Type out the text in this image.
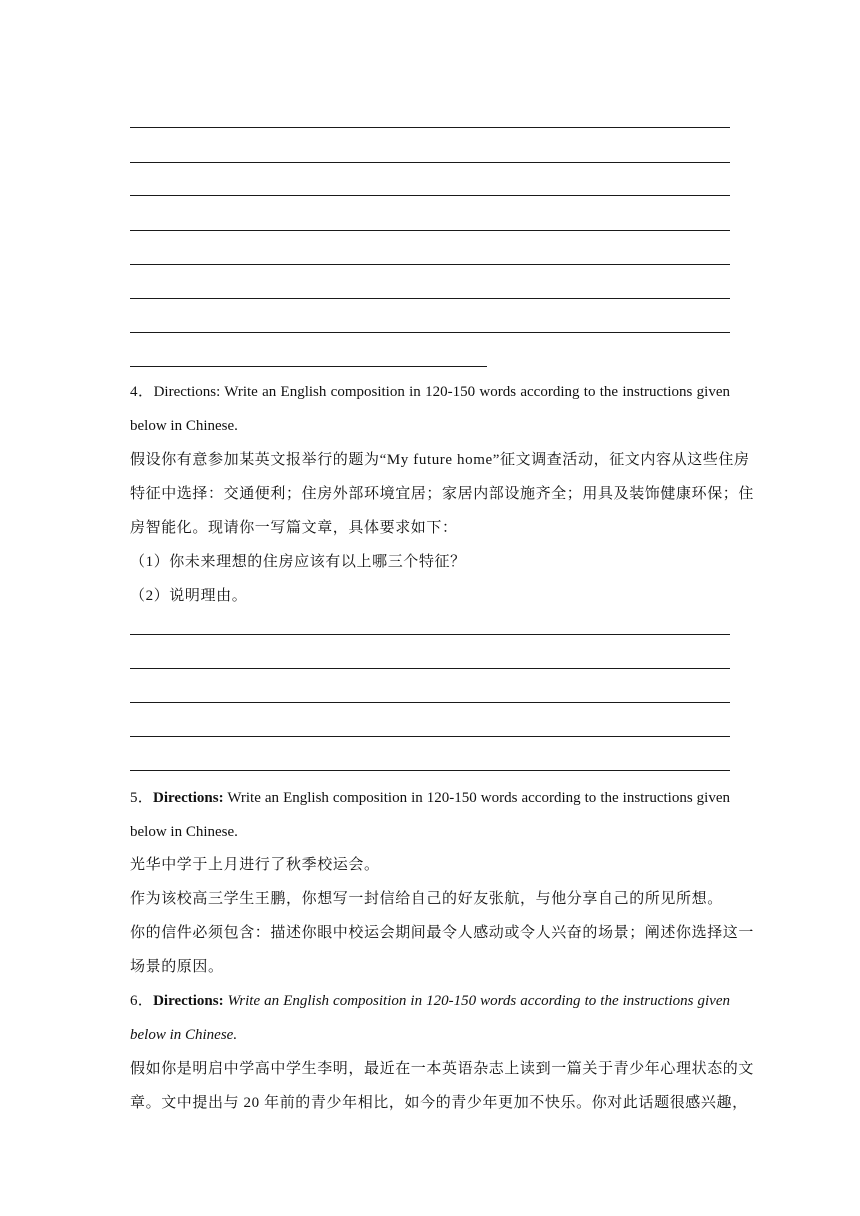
4．Directions: Write an English composition in 120-150 words according to the instructions given
below in Chinese.
假设你有意参加某英文报举行的题为“My future home”征文调查活动，征文内容从这些住房
特征中选择：交通便利；住房外部环境宜居；家居内部设施齐全；用具及装饰健康环保；住
房智能化。现请你一写篇文章，具体要求如下：
（1）你未来理想的住房应该有以上哪三个特征？
（2）说明理由。
5．Directions: Write an English composition in 120-150 words according to the instructions given
below in Chinese.
光华中学于上月进行了秋季校运会。
作为该校高三学生王鹏，你想写一封信给自己的好友张航，与他分享自己的所见所想。
你的信件必须包含：描述你眼中校运会期间最令人感动或令人兴奋的场景；阐述你选择这一
场景的原因。
6．Directions: Write an English composition in 120-150 words according to the instructions given
below in Chinese.
假如你是明启中学高中学生李明，最近在一本英语杂志上读到一篇关于青少年心理状态的文
章。文中提出与 20 年前的青少年相比，如今的青少年更加不快乐。你对此话题很感兴趣，
